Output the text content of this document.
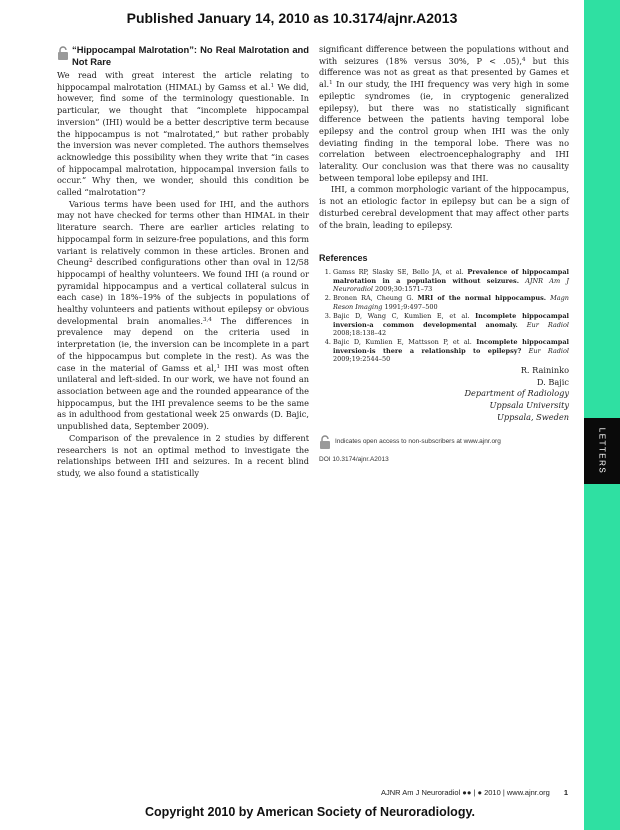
Published January 14, 2010 as 10.3174/ajnr.A2013
LETTERS
“Hippocampal Malrotation”: No Real Malrotation and Not Rare

We read with great interest the article relating to hippocampal malrotation (HIMAL) by Gamss et al.$^1$ We did, however, find some of the terminology questionable. In particular, we thought that “incomplete hippocampal inversion” (IHI) would be a better descriptive term because the hippocampus is not “malrotated,” but rather probably the inversion was never completed. The authors themselves acknowledge this possibility when they write that “in cases of hippocampal malrotation, hippocampal inversion fails to occur.” Why then, we wonder, should this condition be called “malrotation”?

Various terms have been used for IHI, and the authors may not have checked for terms other than HIMAL in their literature search. There are earlier articles relating to hippocampal form in seizure-free populations, and this form variant is relatively common in these articles. Bronen and Cheung$^2$ described configurations other than oval in 12/58 hippocampi of healthy volunteers. We found IHI (a round or pyramidal hippocampus and a vertical collateral sulcus in each case) in 18%–19% of the subjects in populations of healthy volunteers and patients without epilepsy or obvious developmental brain anomalies.$^{3,4}$ The differences in prevalence may depend on the criteria used in interpretation (ie, the inversion can be incomplete in a part of the hippocampus but complete in the rest). As was the case in the material of Gamss et al,$^1$ IHI was most often unilateral and left-sided. In our work, we have not found an association between age and the rounded appearance of the hippocampus, but the IHI prevalence seems to be the same as in adulthood from gestational week 25 onwards (D. Bajic, unpublished data, September 2009).

Comparison of the prevalence in 2 studies by different researchers is not an optimal method to investigate the relationships between IHI and seizures. In a recent blind study, we also found a statistically

significant difference between the populations without and with seizures (18% versus 30%, P < .05),$^4$ but this difference was not as great as that presented by Games et al.$^1$ In our study, the IHI frequency was very high in some epileptic syndromes (ie, in cryptogenic generalized epilepsy), but there was no statistically significant difference between the patients having temporal lobe epilepsy and the control group when IHI was the only deviating finding in the temporal lobe. There was no correlation between electroencephalography and IHI laterality. Our conclusion was that there was no causality between temporal lobe epilepsy and IHI.

IHI, a common morphologic variant of the hippocampus, is not an etiologic factor in epilepsy but can be a sign of disturbed cerebral development that may affect other parts of the brain, leading to epilepsy.

References
1. Gamss RP, Slasky SE, Bello JA, et al. Prevalence of hippocampal malrotation in a population without seizures. AJNR Am J Neuroradiol 2009;30:1571–73
2. Bronen RA, Cheung G. MRI of the normal hippocampus. Magn Reson Imaging 1991;9:497–500
3. Bajic D, Wang C, Kumlien E, et al. Incomplete hippocampal inversion-a common developmental anomaly. Eur Radiol 2008;18:138–42
4. Bajic D, Kumlien E, Mattsson P, et al. Incomplete hippocampal inversion-is there a relationship to epilepsy? Eur Radiol 2009;19:2544–50
R. Raininko
D. Bajic
Department of Radiology
Uppsala University
Uppsala, Sweden
Indicates open access to non-subscribers at www.ajnr.org
DOI 10.3174/ajnr.A2013
AJNR Am J Neuroradiol ●● | ● 2010 | www.ajnr.org 1
Copyright 2010 by American Society of Neuroradiology.
